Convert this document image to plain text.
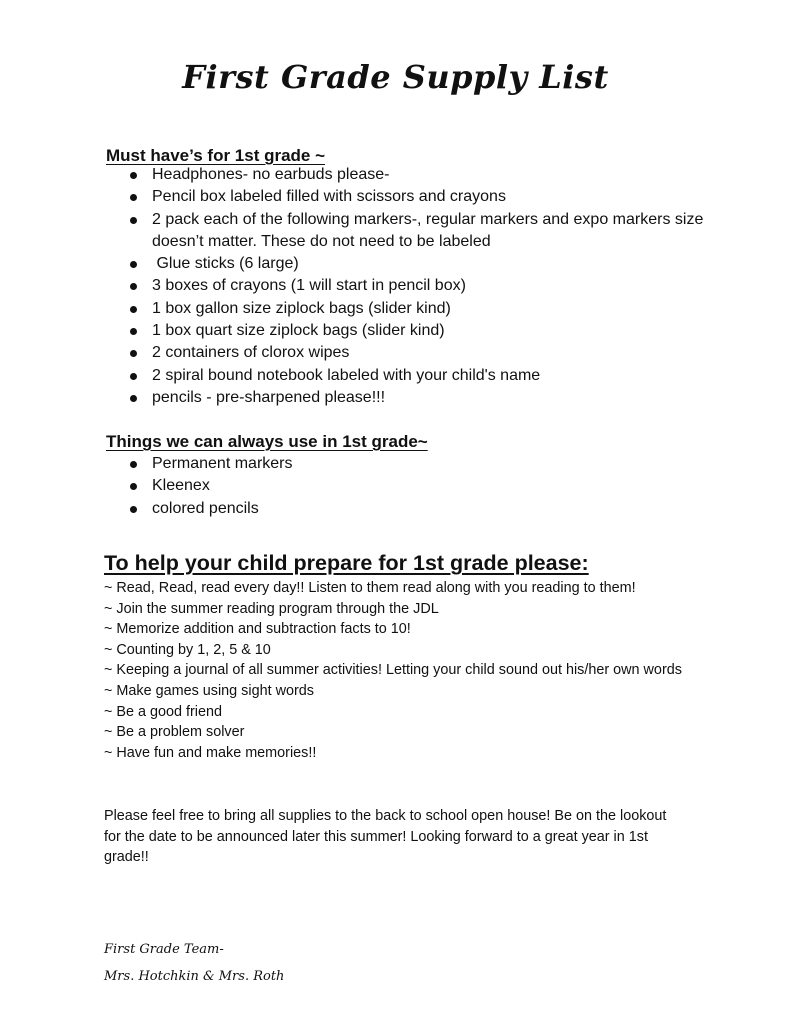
First Grade Supply List
Must have’s for 1st grade ~
Headphones- no earbuds please-
Pencil box labeled filled with scissors and crayons
2 pack each of the following markers-, regular markers and expo markers size doesn’t matter. These do not need to be labeled
Glue sticks (6 large)
3 boxes of crayons (1 will start in pencil box)
1 box gallon size ziplock bags (slider kind)
1 box quart size ziplock bags (slider kind)
2 containers of clorox wipes
2 spiral bound notebook labeled with your child's name
pencils - pre-sharpened please!!!
Things we can always use in 1st grade~
Permanent markers
Kleenex
colored pencils
To help your child prepare for 1st grade please:

~ Read, Read, read every day!! Listen to them read along with you reading to them!

~ Join the summer reading program through the JDL

~ Memorize addition and subtraction facts to 10!

~ Counting by 1, 2, 5 & 10

~ Keeping a journal of all summer activities! Letting your child sound out his/her own words

~ Make games using sight words

~ Be a good friend

~ Be a problem solver

~ Have fun and make memories!!

Please feel free to bring all supplies to the back to school open house! Be on the lookout for the date to be announced later this summer! Looking forward to a great year in 1st grade!!

First Grade Team-
Mrs. Hotchkin & Mrs. Roth
